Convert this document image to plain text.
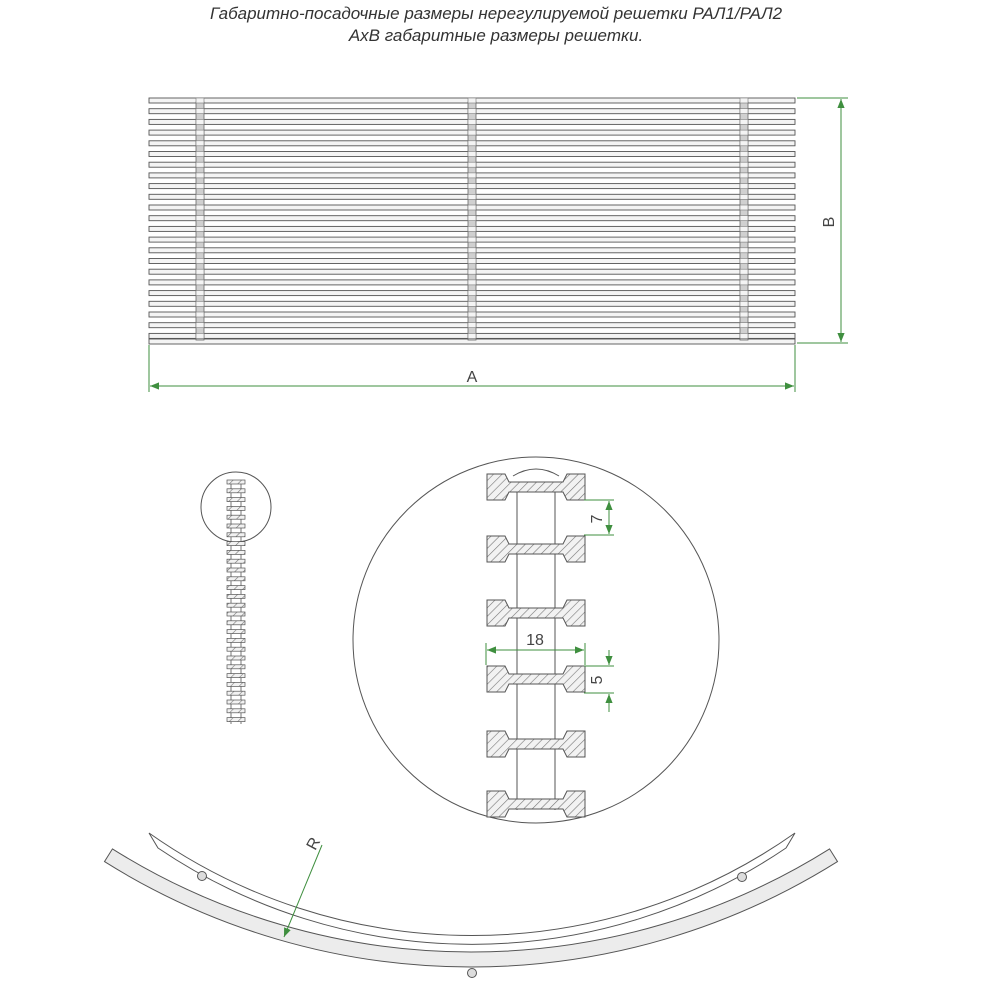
Габаритно-посадочные размеры нерегулируемой решетки РАЛ1/РАЛ2

АхВ габаритные размеры решетки.

A
B
7
18
5
R
